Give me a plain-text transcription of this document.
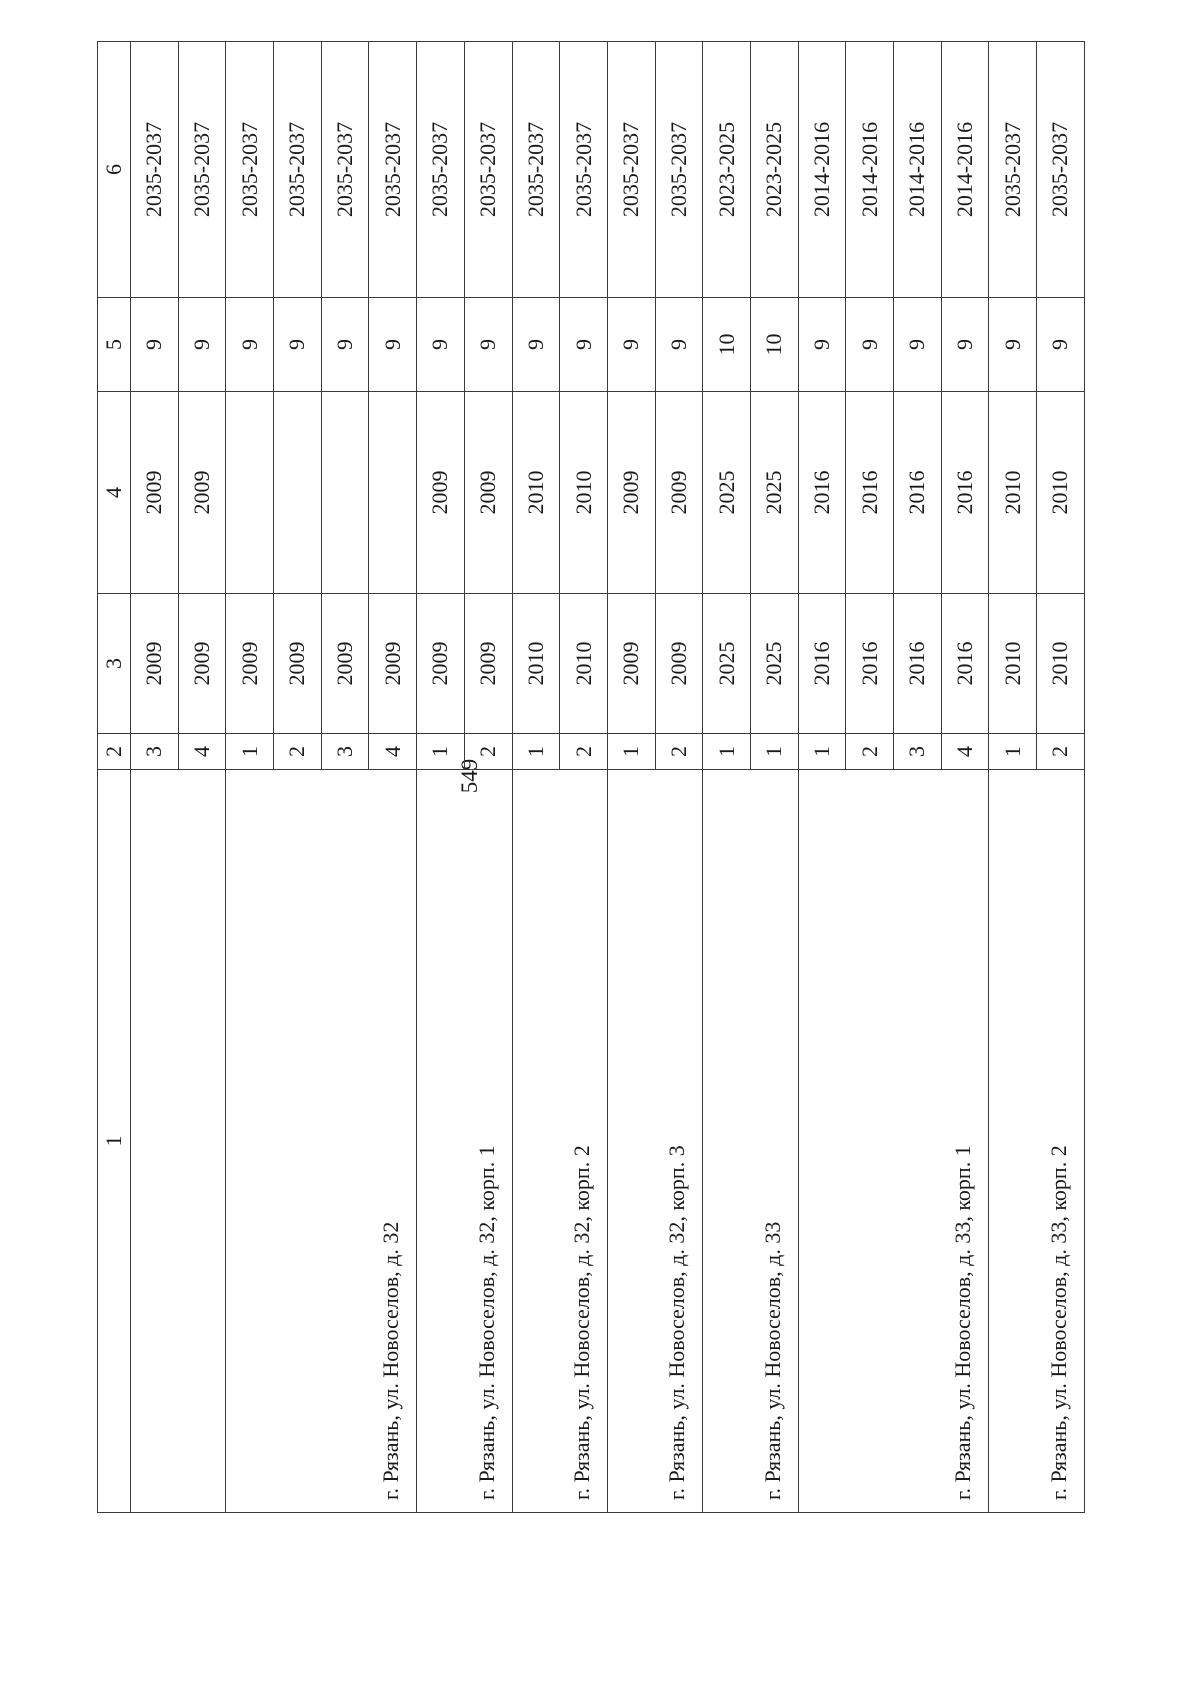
549
1	2	3	4	5	6
	3	2009	2009	9	2035-2037
	4	2009	2009	9	2035-2037
г. Рязань, ул. Новоселов, д. 32	1	2009		9	2035-2037
	2	2009		9	2035-2037
	3	2009		9	2035-2037
	4	2009		9	2035-2037
г. Рязань, ул. Новоселов, д. 32, корп. 1	1	2009	2009	9	2035-2037
	2	2009	2009	9	2035-2037
г. Рязань, ул. Новоселов, д. 32, корп. 2	1	2010	2010	9	2035-2037
	2	2010	2010	9	2035-2037
г. Рязань, ул. Новоселов, д. 32, корп. 3	1	2009	2009	9	2035-2037
	2	2009	2009	9	2035-2037
г. Рязань, ул. Новоселов, д. 33	1	2025	2025	10	2023-2025
	1	2025	2025	10	2023-2025
г. Рязань, ул. Новоселов, д. 33, корп. 1	1	2016	2016	9	2014-2016
	2	2016	2016	9	2014-2016
	3	2016	2016	9	2014-2016
	4	2016	2016	9	2014-2016
г. Рязань, ул. Новоселов, д. 33, корп. 2	1	2010	2010	9	2035-2037
	2	2010	2010	9	2035-2037
